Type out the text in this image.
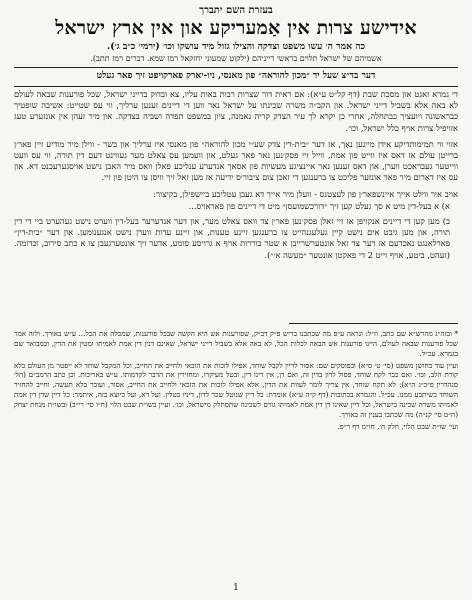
בעזרת השם יתברך

אידישע צרות אין אַמעריקע און אין ארץ ישראל

כה אמר ה׳ עשו משפט וצדקה והצילו גזול מיד עושקו וכו׳ (ירמי׳ כ״ב ג׳).

אשמיהם של ישראל תלוים בראשי דייניהם (ילקוט שמעוני יחזקאל רמז שמא. דברים רמז תתב).

דער בד״צ שעל יד ״מכון להוראה״ פון מאנסי, ניו-יארק פארקויפט זיך פאר געלט

די גמרא זאגט און מסכת שבת (דף קל״ט ע״א): אם ראית דור שצרות רבות באות עליו, צא ובדוק בדייני ישראל, שכל פורענות שבאה לעולם לא באה אלא בשביל דייני ישראל. און הקב״ה משרה שכינתו על ישראל נאר ווען די דיינים זענען ערליך, ווי עס שטייט: אשיבה שופטיך כבראשונה ויועציך כבתחלה, אחרי כן יקרא לך עיר הצדק קריה נאמנה, ציון במשפט תפדה ושביה בצדקה. און מיר זעהן אין אונזערע טעג אזויפיל צרות אויף כלל ישראל, וכו׳.

אזוי ווי תמימותדיקע אידן מיינען נאָך, אז דער ״בית-דין צדק שע״י מכון להוראה״ פון מאנסי איז ערליך און כשר - ווילן מיר מודיע זיין פאר׳ן ברייטן עולם אז דאס איז ווייט פון אמת, ווייל זיי פסק׳נען נאר פאר געלט, און וועמען עס צאלט מער געווינט דעם דין תורה, ווי עס וועט ווייטער געבראכט ווערן, און דאס זענען נאר איינציגע מעשיות פון אסאך אנדערע ענליכע פאלן וואס מיר האבן נישט אויסגערעכנט דא. און עס איז דאַרום מיר פאר אונזער פליכט צו ברענגען די זאכן צום ציבור׳ס ידיעה אז מען זאל זיך וויסן צו היטן פון זיי.

אויב איר ווילט אייך איינשפאר׳ן פון לעצטנס - וועלן מיר אייך דא געבן עטליכע ביישפילן, בקיצור:

א) א בעל-דין מיט א סך געלט קען זיך ״דורכשמועסן״ מיט די דיינים פון פאראויס...

ב) מען קען די דיינים אנקויפן אז זיי זאלן פסק׳נען פאר׳ן צד וואס צאלט מער, און דער אנדערער בעל-דין ווערט נישט געהערט ביי די דין תורה, און מען גיבט אים נישט קיין געלעגנהייט צו ברענגען זיינע טענות, און זיינע עדות ווערן נישט אנגענומען. און דער ״בית-דין״ פארלאנגט נאכדעם אז דער צד זאל אונטערשרייבן א שטר בוררות אויף א גרויסע סומע, אדער זיך אונטערגעבן צו א כתב סירוב, וכדומה. (זעהט, ביטע, אויף זייט 2 די פאקטן אונטער ״מעשה א׳״).

* ובזה״ג מהרש״א שם כתב, וז״ל: ונראה ע״פ מה שכתבנו בריש פ״ק דב״ק, שפורענות אש היא הקשה שבכל פורענות, שמכלה את הכל... ע״ש באורך. ולזה אמר שכל פורענות שבאה לעולם, היינו פורענות אש הבאה לכלות הכל, לא באה אלא בשביל דייני ישראל, שאינם דנין דין אמת לאמיתו ומטין את הדין, וכמבואר שם בגמרא. עכ״ל.

ועיין עוד בחושן משפט (סי׳ ט׳ ס״א) ובפוסקים שם: אסור לדיין לקבל שוחד, אפילו לזכות את הזכאי ולחייב את החייב, וכל המקבל שוחד לא ייפטר מן העולם בלא קורת הלב, וכו׳. ואם כבר לקח שוחד, פסול לדון בדין זה, ואם דן, אין דינו דין, ובטל מעיקרו, ומחזירין את הדבר לקדמותו. ע״ש באריכות. וכן כתב הרמב״ם (הל׳ סנהדרין פ״כ״ג ה״א): לא תקח שוחד, אין צריך לומר לעוות את הדין, אלא אפילו לזכות את הזכאי ולחייב את החייב, אסור, ועובר בלא תעשה, וחייב להחזיר השוחד כשיתבע ממנו. עכ״ל. והגמרא בכתובות (דף ק״ה ע״א) אומרת: כל דיין שנוטל שכר לדון, דיניו בטלין. ועל דא, ועל כיוצא בזה, איתמר: כל דיין שדן דין אמת לאמיתו משרה שכינה בישראל, וכל דיין שאינו דן דין אמת לאמיתו גורם לשכינה שתסתלק מישראל, וכו׳. ועיין בשו״ת שבט הלוי (ח״ו סי׳ רי״ב) ובשו״ת מנחת יצחק (ח״ט סי׳ קנ״ה) מה שכתבו בענין זה באורך.

ועי׳ שו״ת שבט הלוי, חלק ח׳, חו״מ דף ר״פ.

1
